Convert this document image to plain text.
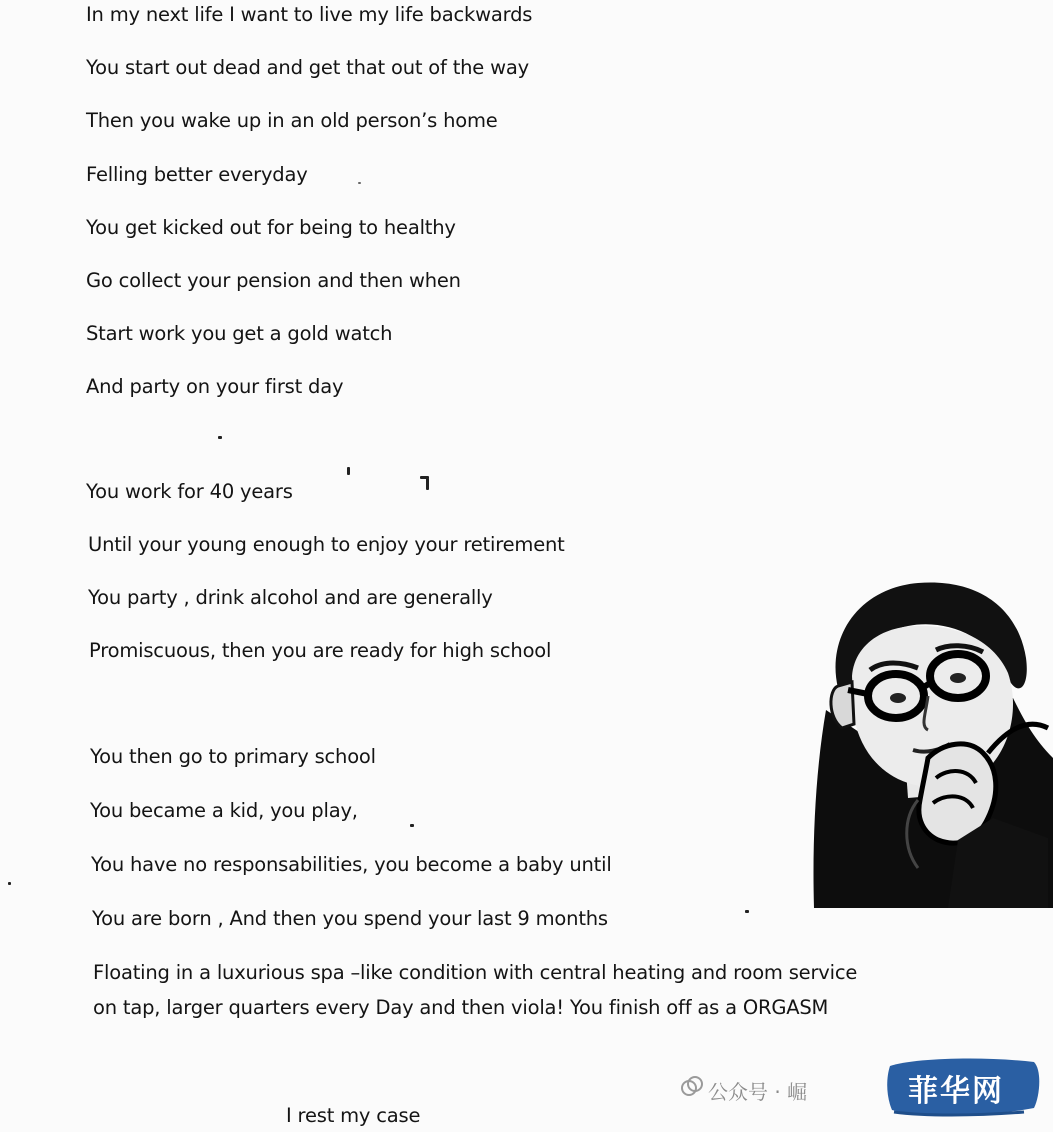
In my next life I want to live my life backwards
You start out dead and get that out of the way
Then you wake up in an old person’s home
Felling better everyday
You get kicked out for being to healthy
Go collect your pension and then when
Start work you get a gold watch
And party on your first day
You work for 40 years
Until your young enough to enjoy your retirement
You party , drink alcohol and are generally
Promiscuous, then you are ready for high school
You then go to primary school
You became a kid, you play,
You have no responsabilities, you become a baby until
You are born , And then you spend your last 9 months
Floating in a luxurious spa –like condition with central heating and room service
on tap, larger quarters every Day and then viola! You finish off as a ORGASM
I rest my case
公众号 · 崛	菲华网
